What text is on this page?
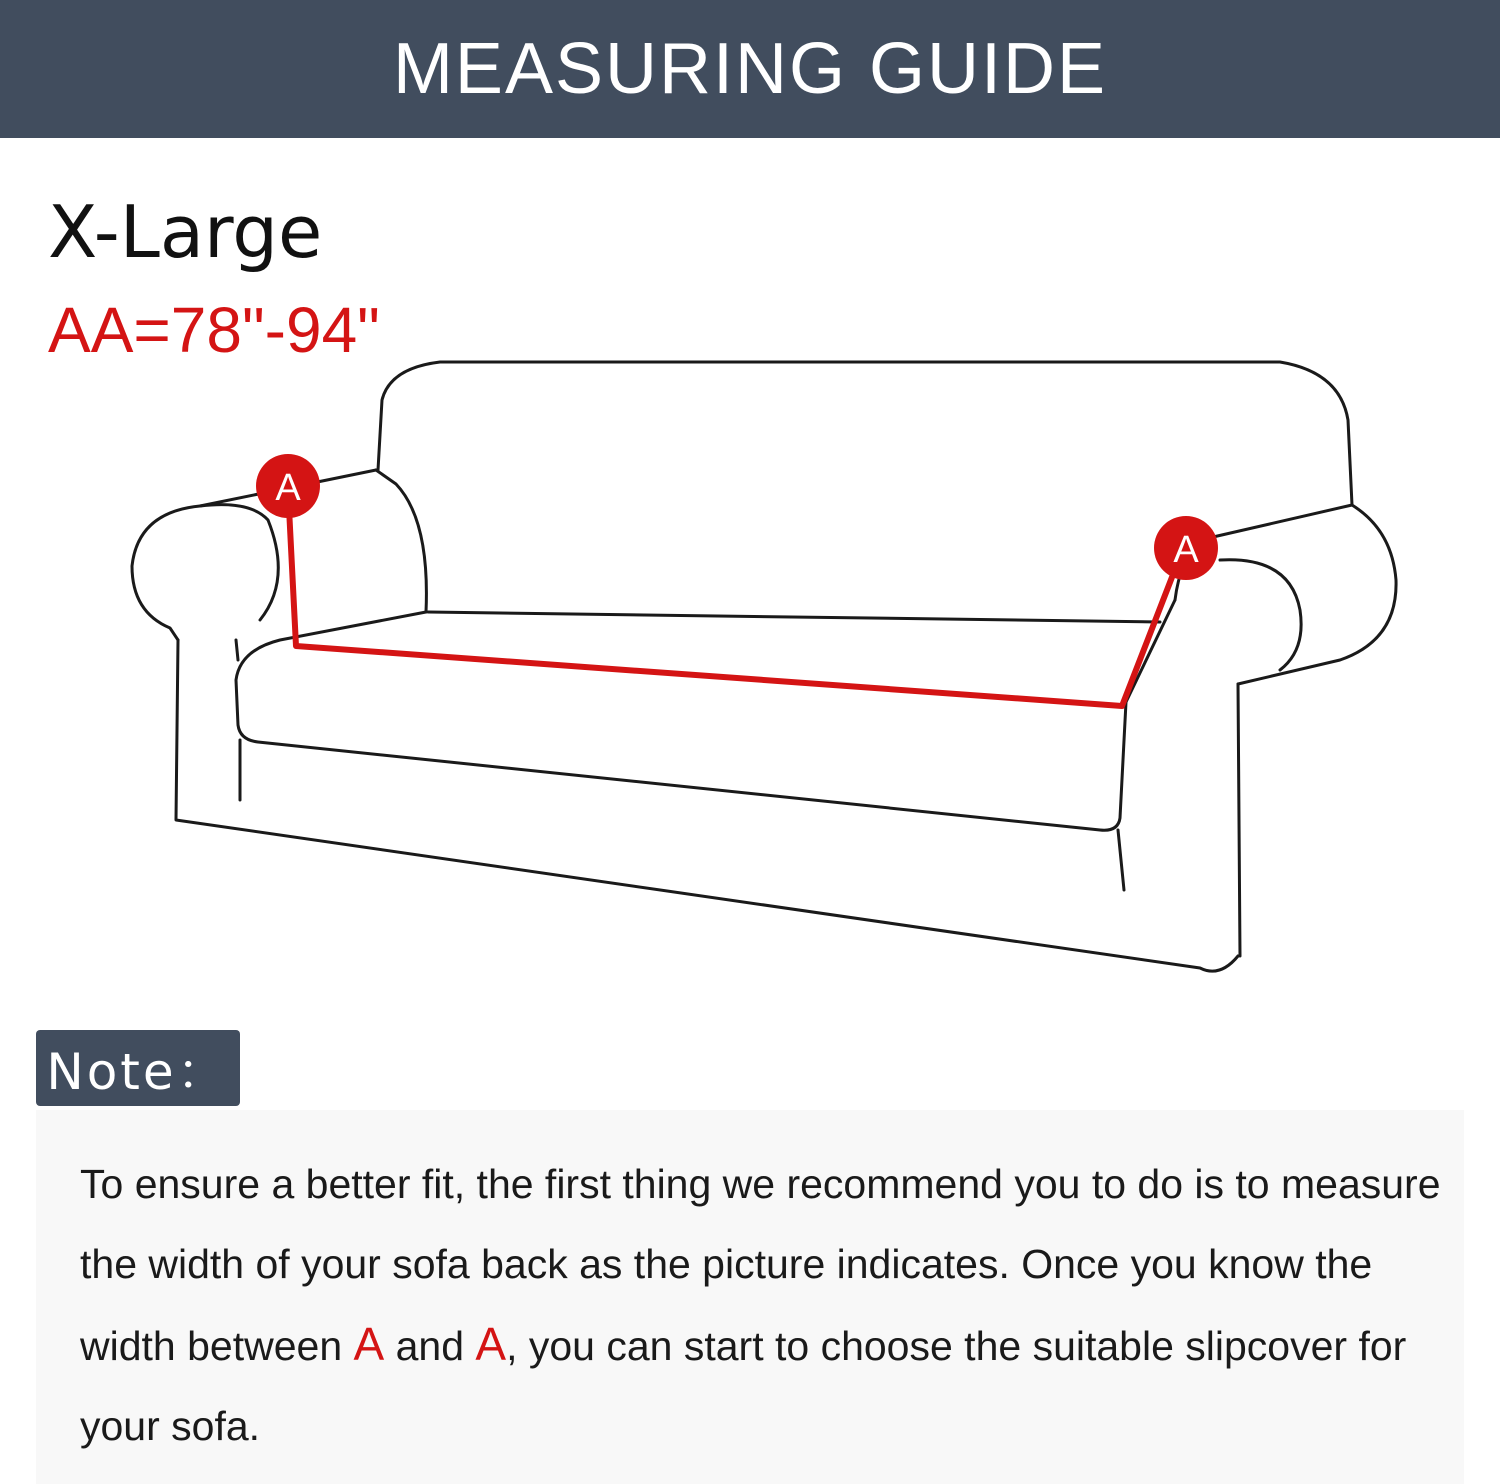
MEASURING GUIDE
X-Large
AA=78"-94"
A
A
Note：
To ensure a better fit, the first thing we recommend you to do is to measure the width of your sofa back as the picture indicates. Once you know the width between A and A, you can start to choose the suitable slipcover for your sofa.
